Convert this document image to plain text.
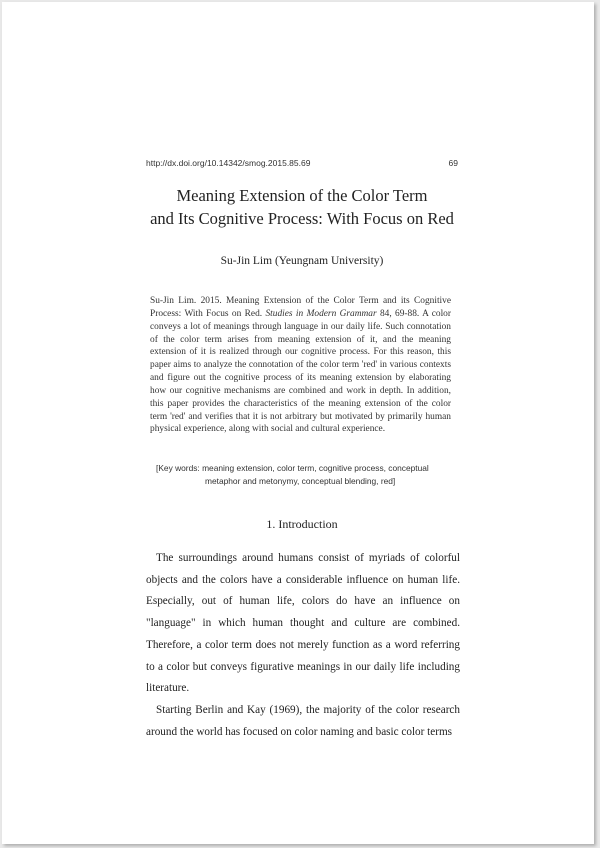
http://dx.doi.org/10.14342/smog.2015.85.69	69
Meaning Extension of the Color Term
and Its Cognitive Process: With Focus on Red
Su-Jin Lim (Yeungnam University)

Su-Jin Lim. 2015. Meaning Extension of the Color Term and its Cognitive Process: With Focus on Red. Studies in Modern Grammar 84, 69-88. A color conveys a lot of meanings through language in our daily life. Such connotation of the color term arises from meaning extension of it, and the meaning extension of it is realized through our cognitive process. For this reason, this paper aims to analyze the connotation of the color term 'red' in various contexts and figure out the cognitive process of its meaning extension by elaborating how our cognitive mechanisms are combined and work in depth. In addition, this paper provides the characteristics of the meaning extension of the color term 'red' and verifies that it is not arbitrary but motivated by primarily human physical experience, along with social and cultural experience.

[Key words: meaning extension, color term, cognitive process, conceptual
metaphor and metonymy, conceptual blending, red]
1. Introduction

The surroundings around humans consist of myriads of colorful objects and the colors have a considerable influence on human life. Especially, out of human life, colors do have an influence on "language" in which human thought and culture are combined. Therefore, a color term does not merely function as a word referring to a color but conveys figurative meanings in our daily life including literature.

Starting Berlin and Kay (1969), the majority of the color research around the world has focused on color naming and basic color terms
